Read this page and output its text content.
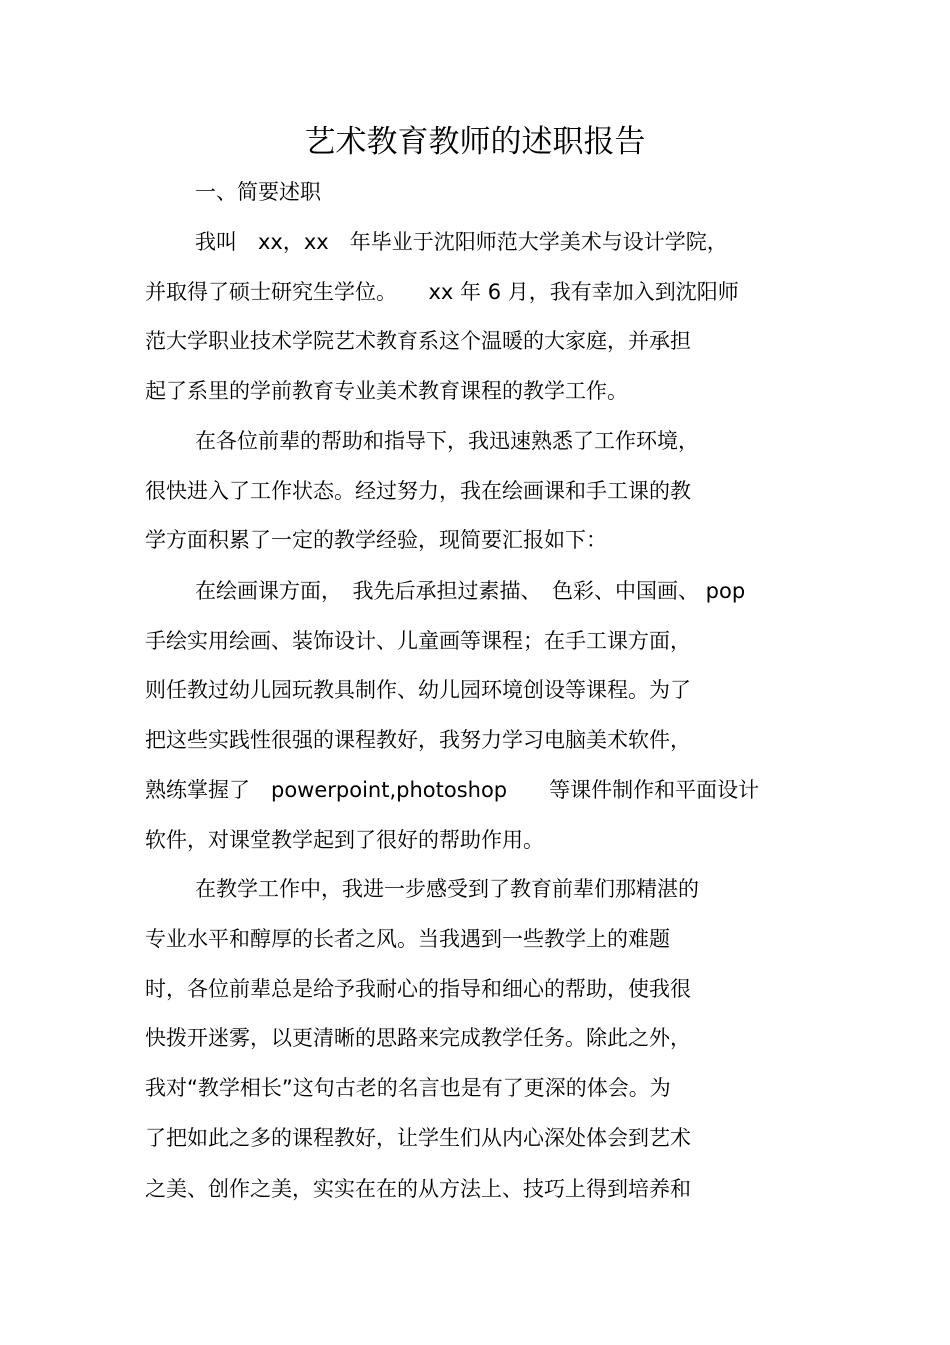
艺术教育教师的述职报告
一、简要述职
我叫　xx，xx　年毕业于沈阳师范大学美术与设计学院，
并取得了硕士研究生学位。　　xx 年 6 月，我有幸加入到沈阳师
范大学职业技术学院艺术教育系这个温暖的大家庭，并承担
起了系里的学前教育专业美术教育课程的教学工作。
在各位前辈的帮助和指导下，我迅速熟悉了工作环境，
很快进入了工作状态。经过努力，我在绘画课和手工课的教
学方面积累了一定的教学经验，现简要汇报如下：
在绘画课方面，　我先后承担过素描、　色彩、中国画、 pop
手绘实用绘画、装饰设计、儿童画等课程；在手工课方面，
则任教过幼儿园玩教具制作、幼儿园环境创设等课程。为了
把这些实践性很强的课程教好，我努力学习电脑美术软件，
熟练掌握了　powerpoint,photoshop　　等课件制作和平面设计
软件，对课堂教学起到了很好的帮助作用。
在教学工作中，我进一步感受到了教育前辈们那精湛的
专业水平和醇厚的长者之风。当我遇到一些教学上的难题
时，各位前辈总是给予我耐心的指导和细心的帮助，使我很
快拨开迷雾，以更清晰的思路来完成教学任务。除此之外，
我对“教学相长”这句古老的名言也是有了更深的体会。为
了把如此之多的课程教好，让学生们从内心深处体会到艺术
之美、创作之美，实实在在的从方法上、技巧上得到培养和
